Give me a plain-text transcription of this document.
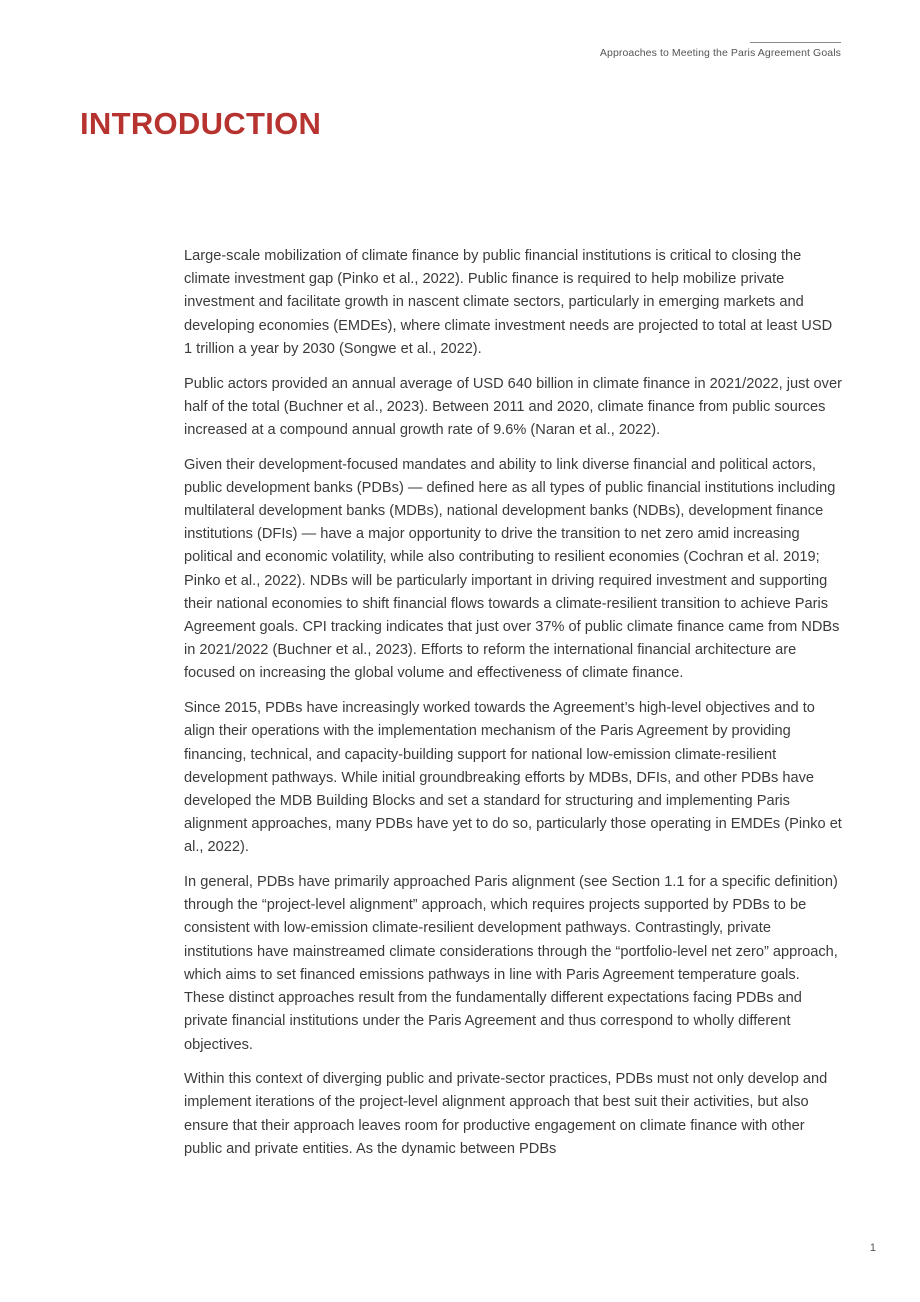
Approaches to Meeting the Paris Agreement Goals
INTRODUCTION

Large-scale mobilization of climate finance by public financial institutions is critical to closing the climate investment gap (Pinko et al., 2022). Public finance is required to help mobilize private investment and facilitate growth in nascent climate sectors, particularly in emerging markets and developing economies (EMDEs), where climate investment needs are projected to total at least USD 1 trillion a year by 2030 (Songwe et al., 2022).

Public actors provided an annual average of USD 640 billion in climate finance in 2021/2022, just over half of the total (Buchner et al., 2023). Between 2011 and 2020, climate finance from public sources increased at a compound annual growth rate of 9.6% (Naran et al., 2022).

Given their development-focused mandates and ability to link diverse financial and political actors, public development banks (PDBs) — defined here as all types of public financial institutions including multilateral development banks (MDBs), national development banks (NDBs), development finance institutions (DFIs) — have a major opportunity to drive the transition to net zero amid increasing political and economic volatility, while also contributing to resilient economies (Cochran et al. 2019; Pinko et al., 2022). NDBs will be particularly important in driving required investment and supporting their national economies to shift financial flows towards a climate-resilient transition to achieve Paris Agreement goals. CPI tracking indicates that just over 37% of public climate finance came from NDBs in 2021/2022 (Buchner et al., 2023). Efforts to reform the international financial architecture are focused on increasing the global volume and effectiveness of climate finance.

Since 2015, PDBs have increasingly worked towards the Agreement’s high-level objectives and to align their operations with the implementation mechanism of the Paris Agreement by providing financing, technical, and capacity-building support for national low-emission climate-resilient development pathways. While initial groundbreaking efforts by MDBs, DFIs, and other PDBs have developed the MDB Building Blocks and set a standard for structuring and implementing Paris alignment approaches, many PDBs have yet to do so, particularly those operating in EMDEs (Pinko et al., 2022).

In general, PDBs have primarily approached Paris alignment (see Section 1.1 for a specific definition) through the “project-level alignment” approach, which requires projects supported by PDBs to be consistent with low-emission climate-resilient development pathways. Contrastingly, private institutions have mainstreamed climate considerations through the “portfolio-level net zero” approach, which aims to set financed emissions pathways in line with Paris Agreement temperature goals. These distinct approaches result from the fundamentally different expectations facing PDBs and private financial institutions under the Paris Agreement and thus correspond to wholly different objectives.

Within this context of diverging public and private-sector practices, PDBs must not only develop and implement iterations of the project-level alignment approach that best suit their activities, but also ensure that their approach leaves room for productive engagement on climate finance with other public and private entities. As the dynamic between PDBs

1
